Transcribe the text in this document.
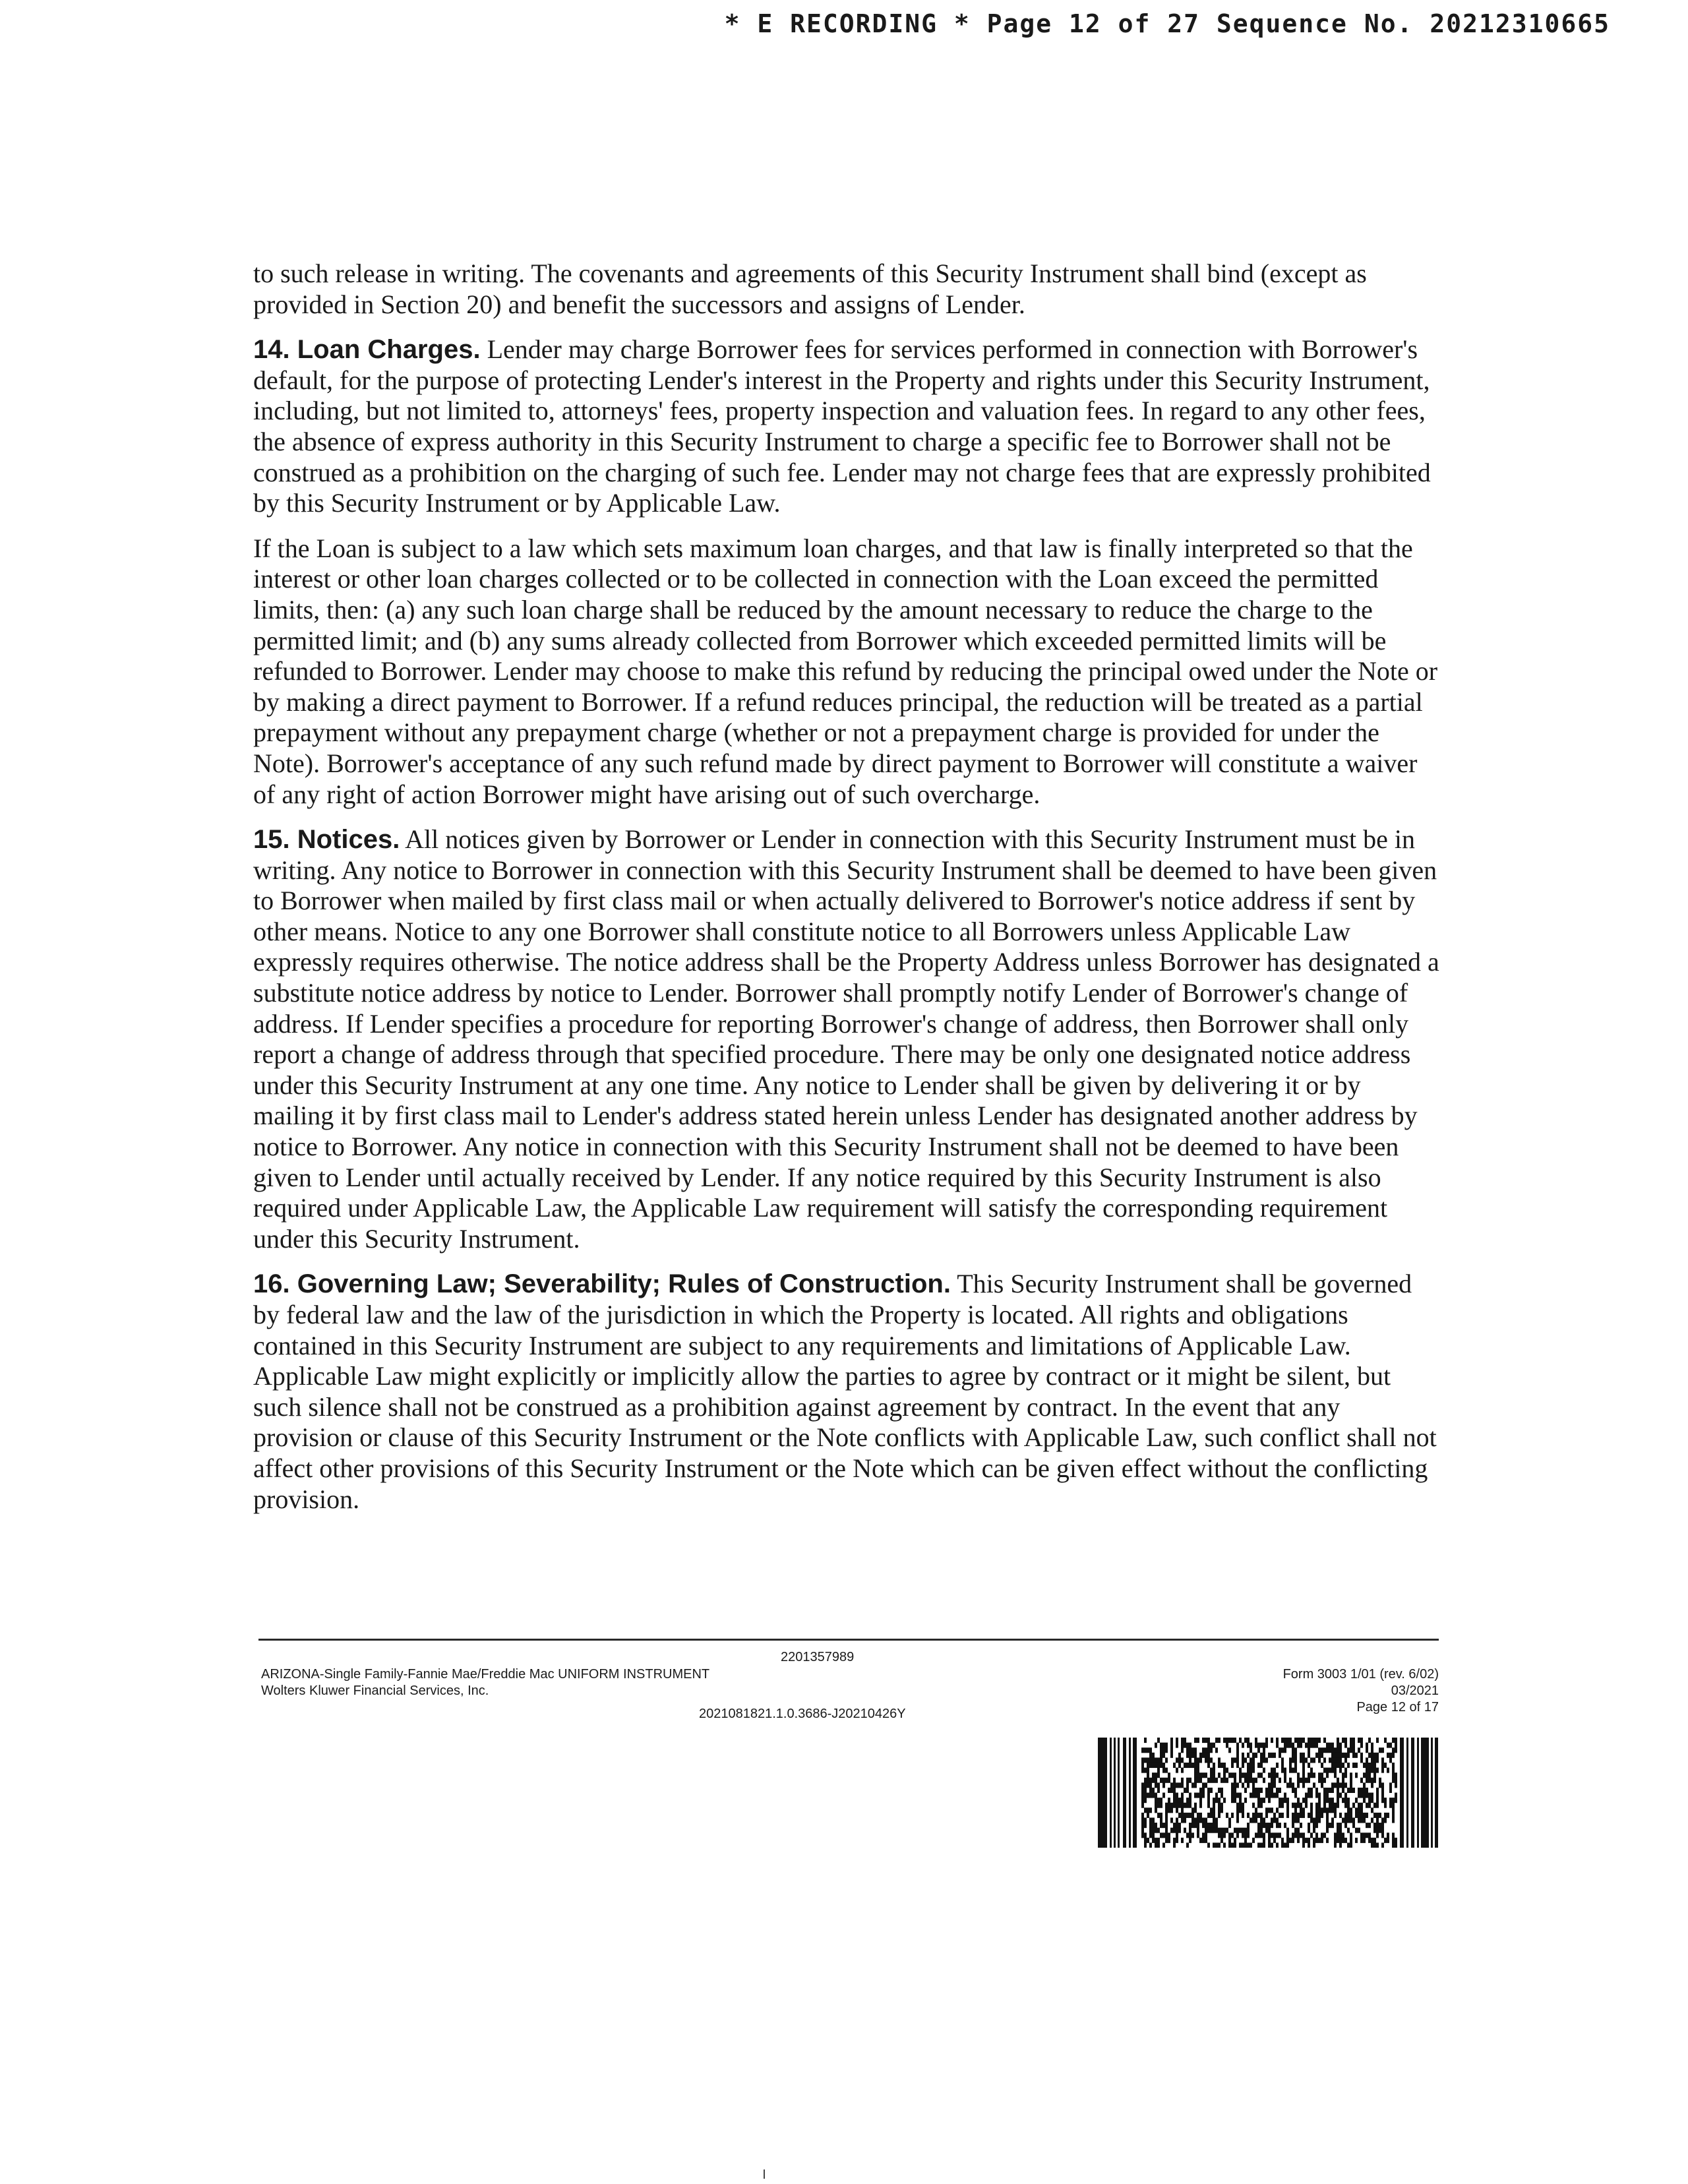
* E RECORDING * Page 12 of 27 Sequence No. 20212310665

to such release in writing. The covenants and agreements of this Security Instrument shall bind (except as provided in Section 20) and benefit the successors and assigns of Lender.

14. Loan Charges. Lender may charge Borrower fees for services performed in connection with Borrower's default, for the purpose of protecting Lender's interest in the Property and rights under this Security Instrument, including, but not limited to, attorneys' fees, property inspection and valuation fees. In regard to any other fees, the absence of express authority in this Security Instrument to charge a specific fee to Borrower shall not be construed as a prohibition on the charging of such fee. Lender may not charge fees that are expressly prohibited by this Security Instrument or by Applicable Law.

If the Loan is subject to a law which sets maximum loan charges, and that law is finally interpreted so that the interest or other loan charges collected or to be collected in connection with the Loan exceed the permitted limits, then: (a) any such loan charge shall be reduced by the amount necessary to reduce the charge to the permitted limit; and (b) any sums already collected from Borrower which exceeded permitted limits will be refunded to Borrower. Lender may choose to make this refund by reducing the principal owed under the Note or by making a direct payment to Borrower. If a refund reduces principal, the reduction will be treated as a partial prepayment without any prepayment charge (whether or not a prepayment charge is provided for under the Note). Borrower's acceptance of any such refund made by direct payment to Borrower will constitute a waiver of any right of action Borrower might have arising out of such overcharge.

15. Notices. All notices given by Borrower or Lender in connection with this Security Instrument must be in writing. Any notice to Borrower in connection with this Security Instrument shall be deemed to have been given to Borrower when mailed by first class mail or when actually delivered to Borrower's notice address if sent by other means. Notice to any one Borrower shall constitute notice to all Borrowers unless Applicable Law expressly requires otherwise. The notice address shall be the Property Address unless Borrower has designated a substitute notice address by notice to Lender. Borrower shall promptly notify Lender of Borrower's change of address. If Lender specifies a procedure for reporting Borrower's change of address, then Borrower shall only report a change of address through that specified procedure. There may be only one designated notice address under this Security Instrument at any one time. Any notice to Lender shall be given by delivering it or by mailing it by first class mail to Lender's address stated herein unless Lender has designated another address by notice to Borrower. Any notice in connection with this Security Instrument shall not be deemed to have been given to Lender until actually received by Lender. If any notice required by this Security Instrument is also required under Applicable Law, the Applicable Law requirement will satisfy the corresponding requirement under this Security Instrument.

16. Governing Law; Severability; Rules of Construction. This Security Instrument shall be governed by federal law and the law of the jurisdiction in which the Property is located. All rights and obligations contained in this Security Instrument are subject to any requirements and limitations of Applicable Law. Applicable Law might explicitly or implicitly allow the parties to agree by contract or it might be silent, but such silence shall not be construed as a prohibition against agreement by contract. In the event that any provision or clause of this Security Instrument or the Note conflicts with Applicable Law, such conflict shall not affect other provisions of this Security Instrument or the Note which can be given effect without the conflicting provision.

2201357989
ARIZONA-Single Family-Fannie Mae/Freddie Mac UNIFORM INSTRUMENT
Wolters Kluwer Financial Services, Inc.
2021081821.1.0.3686-J20210426Y
Form 3003 1/01 (rev. 6/02)
03/2021
Page 12 of 17
